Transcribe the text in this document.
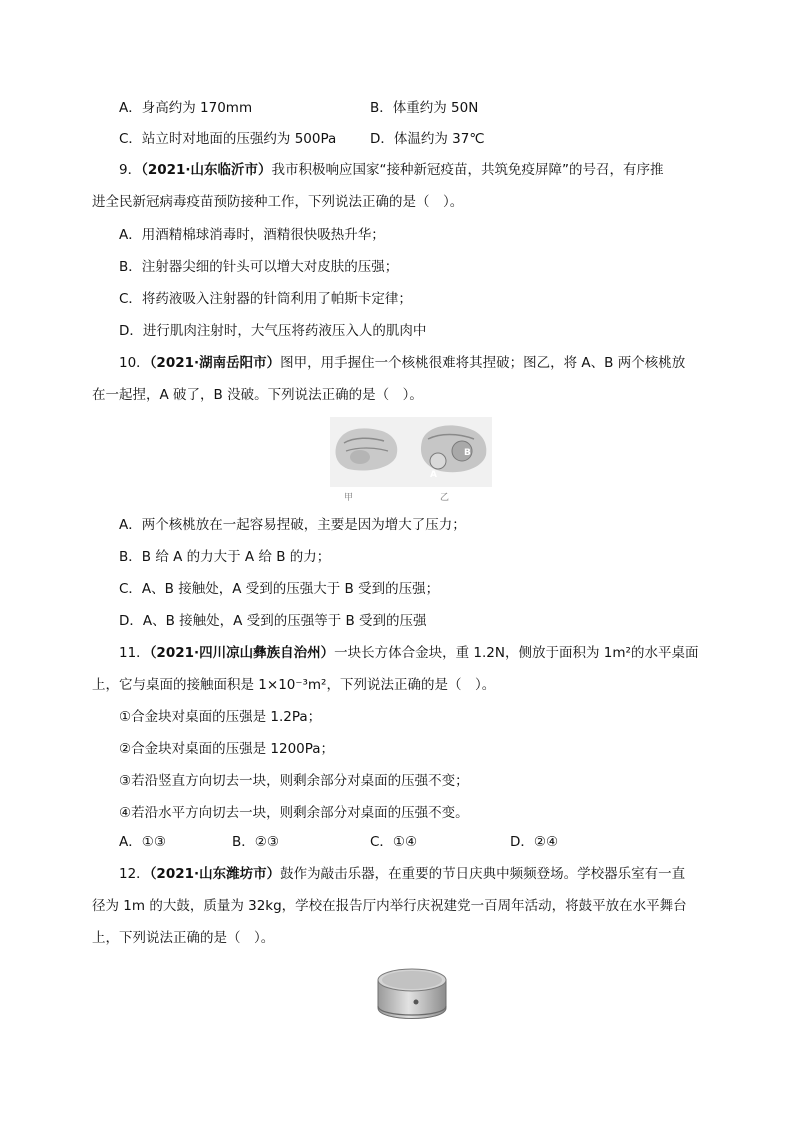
A．身高约为 170mm	B．体重约为 50N
C．站立时对地面的压强约为 500Pa D．体温约为 37℃
9．（2021·山东临沂市）我市积极响应国家“接种新冠疫苗，共筑免疫屏障”的号召，有序推
进全民新冠病毒疫苗预防接种工作，下列说法正确的是（　）。
A．用酒精棉球消毒时，酒精很快吸热升华；
B．注射器尖细的针头可以增大对皮肤的压强；
C．将药液吸入注射器的针筒利用了帕斯卡定律；
D．进行肌肉注射时，大气压将药液压入人的肌肉中
10．（2021·湖南岳阳市）图甲，用手握住一个核桃很难将其捏破；图乙，将 A、B 两个核桃放
在一起捏，A 破了，B 没破。下列说法正确的是（　）。
B
A
甲	乙
A．两个核桃放在一起容易捏破，主要是因为增大了压力；
B．B 给 A 的力大于 A 给 B 的力；
C．A、B 接触处，A 受到的压强大于 B 受到的压强；
D．A、B 接触处，A 受到的压强等于 B 受到的压强
11．（2021·四川凉山彝族自治州）一块长方体合金块，重 1.2N，侧放于面积为 1m²的水平桌面
上，它与桌面的接触面积是 1×10⁻³m²，下列说法正确的是（　）。
①合金块对桌面的压强是 1.2Pa；
②合金块对桌面的压强是 1200Pa；
③若沿竖直方向切去一块，则剩余部分对桌面的压强不变；
④若沿水平方向切去一块，则剩余部分对桌面的压强不变。
A．①③	B．②③	C．①④	D．②④
12．（2021·山东潍坊市）鼓作为敲击乐器，在重要的节日庆典中频频登场。学校器乐室有一直
径为 1m 的大鼓，质量为 32kg，学校在报告厅内举行庆祝建党一百周年活动，将鼓平放在水平舞台
上，下列说法正确的是（　）。
